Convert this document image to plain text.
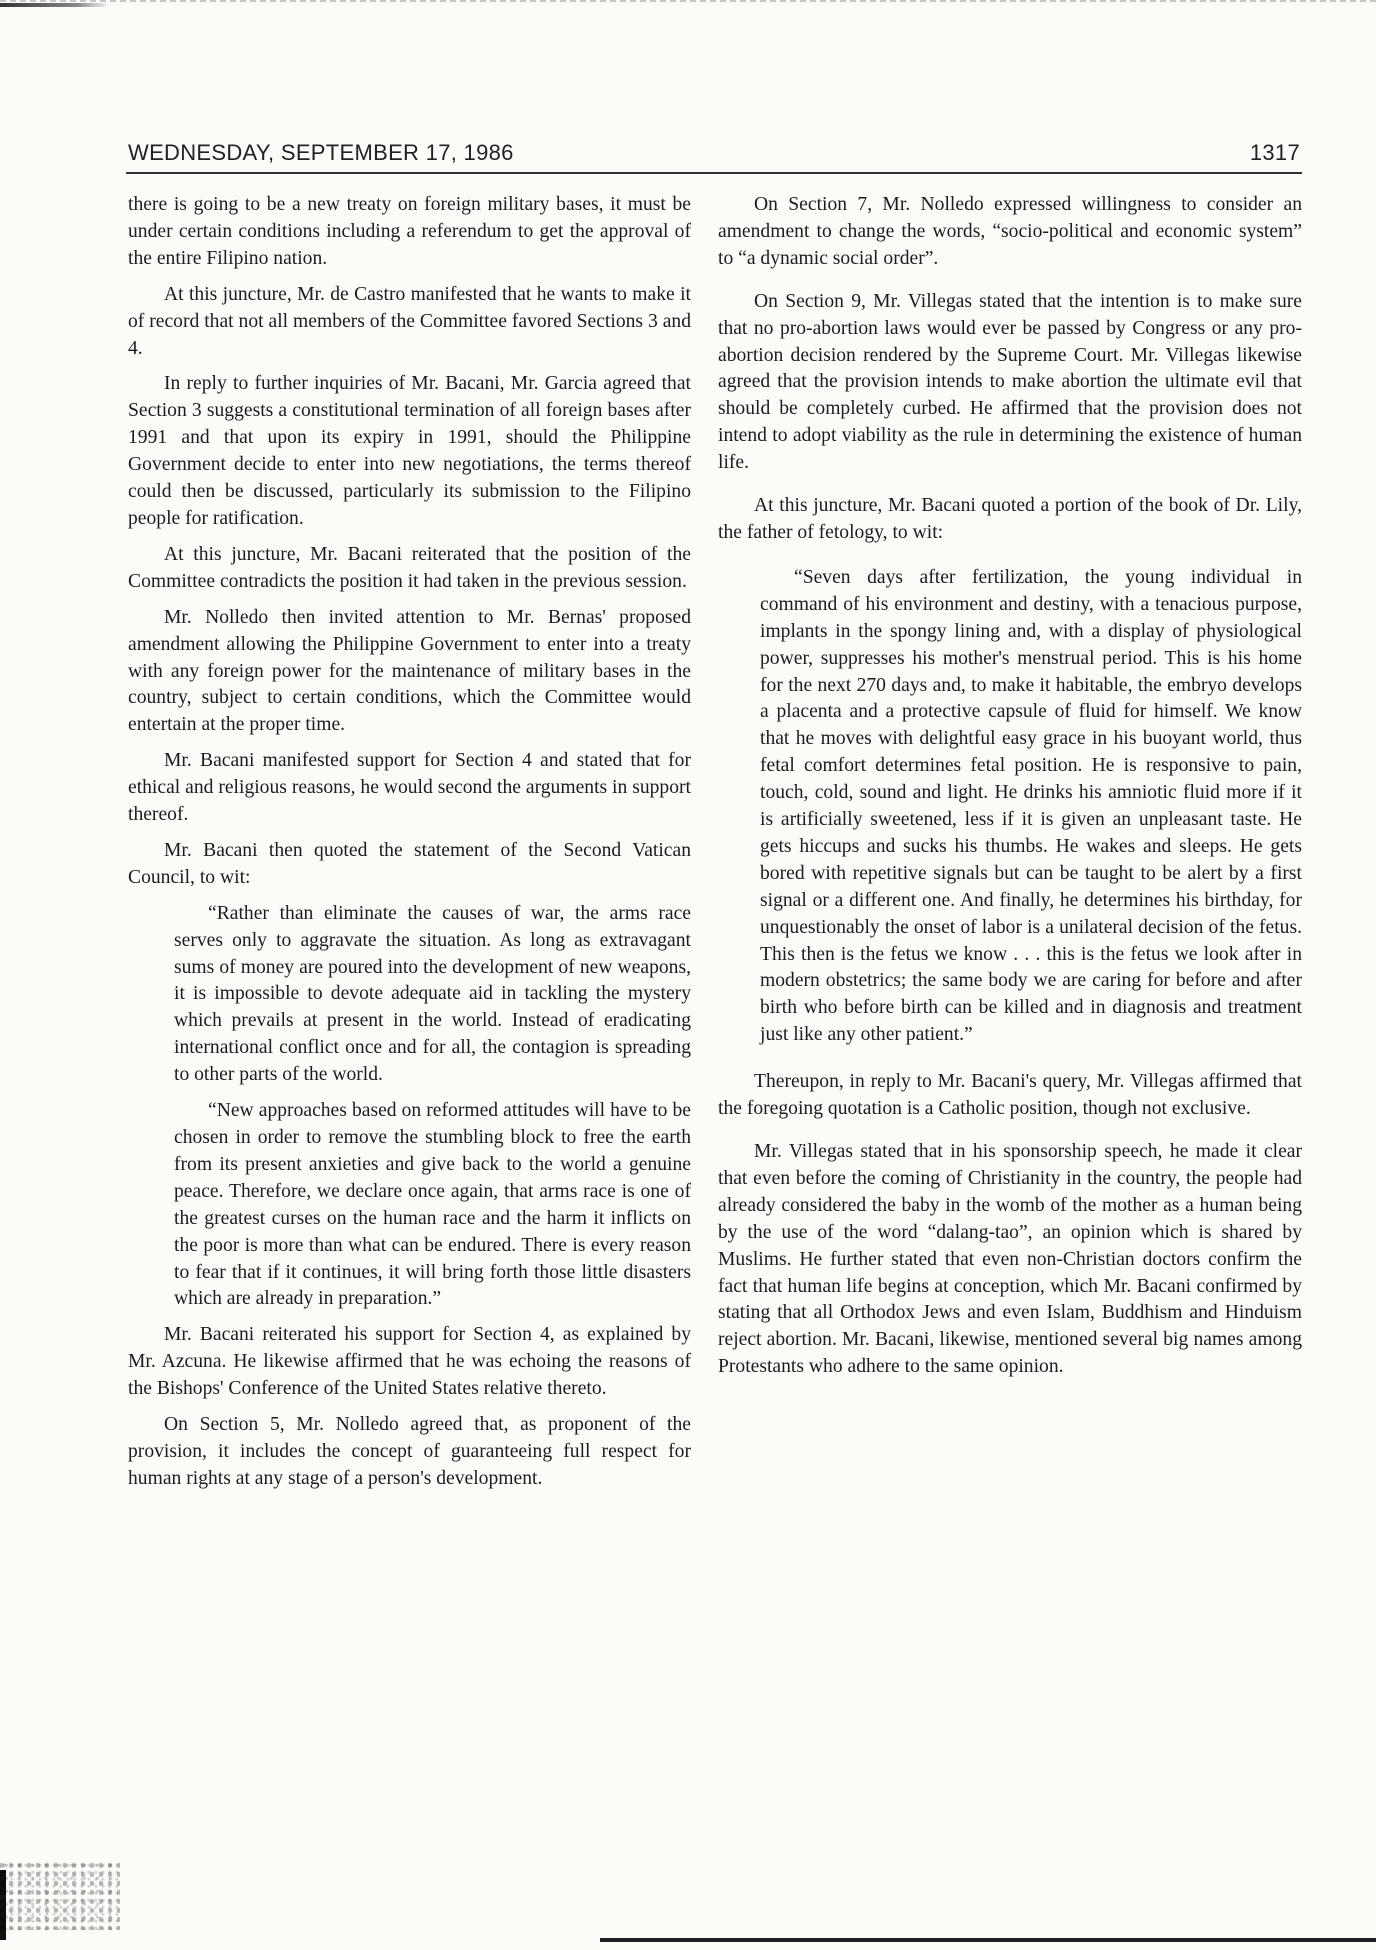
WEDNESDAY, SEPTEMBER 17, 1986	1317

there is going to be a new treaty on foreign military bases, it must be under certain conditions including a referendum to get the approval of the entire Filipino nation.

At this juncture, Mr. de Castro manifested that he wants to make it of record that not all members of the Committee favored Sections 3 and 4.

In reply to further inquiries of Mr. Bacani, Mr. Garcia agreed that Section 3 suggests a constitutional termination of all foreign bases after 1991 and that upon its expiry in 1991, should the Philippine Government decide to enter into new negotiations, the terms thereof could then be discussed, particularly its submission to the Filipino people for ratification.

At this juncture, Mr. Bacani reiterated that the position of the Committee contradicts the position it had taken in the previous session.

Mr. Nolledo then invited attention to Mr. Bernas' proposed amendment allowing the Philippine Government to enter into a treaty with any foreign power for the maintenance of military bases in the country, subject to certain conditions, which the Committee would entertain at the proper time.

Mr. Bacani manifested support for Section 4 and stated that for ethical and religious reasons, he would second the arguments in support thereof.

Mr. Bacani then quoted the statement of the Second Vatican Council, to wit:

“Rather than eliminate the causes of war, the arms race serves only to aggravate the situation. As long as extravagant sums of money are poured into the development of new weapons, it is impossible to devote adequate aid in tackling the mystery which prevails at present in the world. Instead of eradicating international conflict once and for all, the contagion is spreading to other parts of the world.

“New approaches based on reformed attitudes will have to be chosen in order to remove the stumbling block to free the earth from its present anxieties and give back to the world a genuine peace. Therefore, we declare once again, that arms race is one of the greatest curses on the human race and the harm it inflicts on the poor is more than what can be endured. There is every reason to fear that if it continues, it will bring forth those little disasters which are already in preparation.”

Mr. Bacani reiterated his support for Section 4, as explained by Mr. Azcuna. He likewise affirmed that he was echoing the reasons of the Bishops' Conference of the United States relative thereto.

On Section 5, Mr. Nolledo agreed that, as proponent of the provision, it includes the concept of guaranteeing full respect for human rights at any stage of a person's development.

On Section 7, Mr. Nolledo expressed willingness to consider an amendment to change the words, “socio-political and economic system” to “a dynamic social order”.

On Section 9, Mr. Villegas stated that the intention is to make sure that no pro-abortion laws would ever be passed by Congress or any pro-abortion decision rendered by the Supreme Court. Mr. Villegas likewise agreed that the provision intends to make abortion the ultimate evil that should be completely curbed. He affirmed that the provision does not intend to adopt viability as the rule in determining the existence of human life.

At this juncture, Mr. Bacani quoted a portion of the book of Dr. Lily, the father of fetology, to wit:

“Seven days after fertilization, the young individual in command of his environment and destiny, with a tenacious purpose, implants in the spongy lining and, with a display of physiological power, suppresses his mother's menstrual period. This is his home for the next 270 days and, to make it habitable, the embryo develops a placenta and a protective capsule of fluid for himself. We know that he moves with delightful easy grace in his buoyant world, thus fetal comfort determines fetal position. He is responsive to pain, touch, cold, sound and light. He drinks his amniotic fluid more if it is artificially sweetened, less if it is given an unpleasant taste. He gets hiccups and sucks his thumbs. He wakes and sleeps. He gets bored with repetitive signals but can be taught to be alert by a first signal or a different one. And finally, he determines his birthday, for unquestionably the onset of labor is a unilateral decision of the fetus. This then is the fetus we know . . . this is the fetus we look after in modern obstetrics; the same body we are caring for before and after birth who before birth can be killed and in diagnosis and treatment just like any other patient.”

Thereupon, in reply to Mr. Bacani's query, Mr. Villegas affirmed that the foregoing quotation is a Catholic position, though not exclusive.

Mr. Villegas stated that in his sponsorship speech, he made it clear that even before the coming of Christianity in the country, the people had already considered the baby in the womb of the mother as a human being by the use of the word “dalang-tao”, an opinion which is shared by Muslims. He further stated that even non-Christian doctors confirm the fact that human life begins at conception, which Mr. Bacani confirmed by stating that all Orthodox Jews and even Islam, Buddhism and Hinduism reject abortion. Mr. Bacani, likewise, mentioned several big names among Protestants who adhere to the same opinion.
